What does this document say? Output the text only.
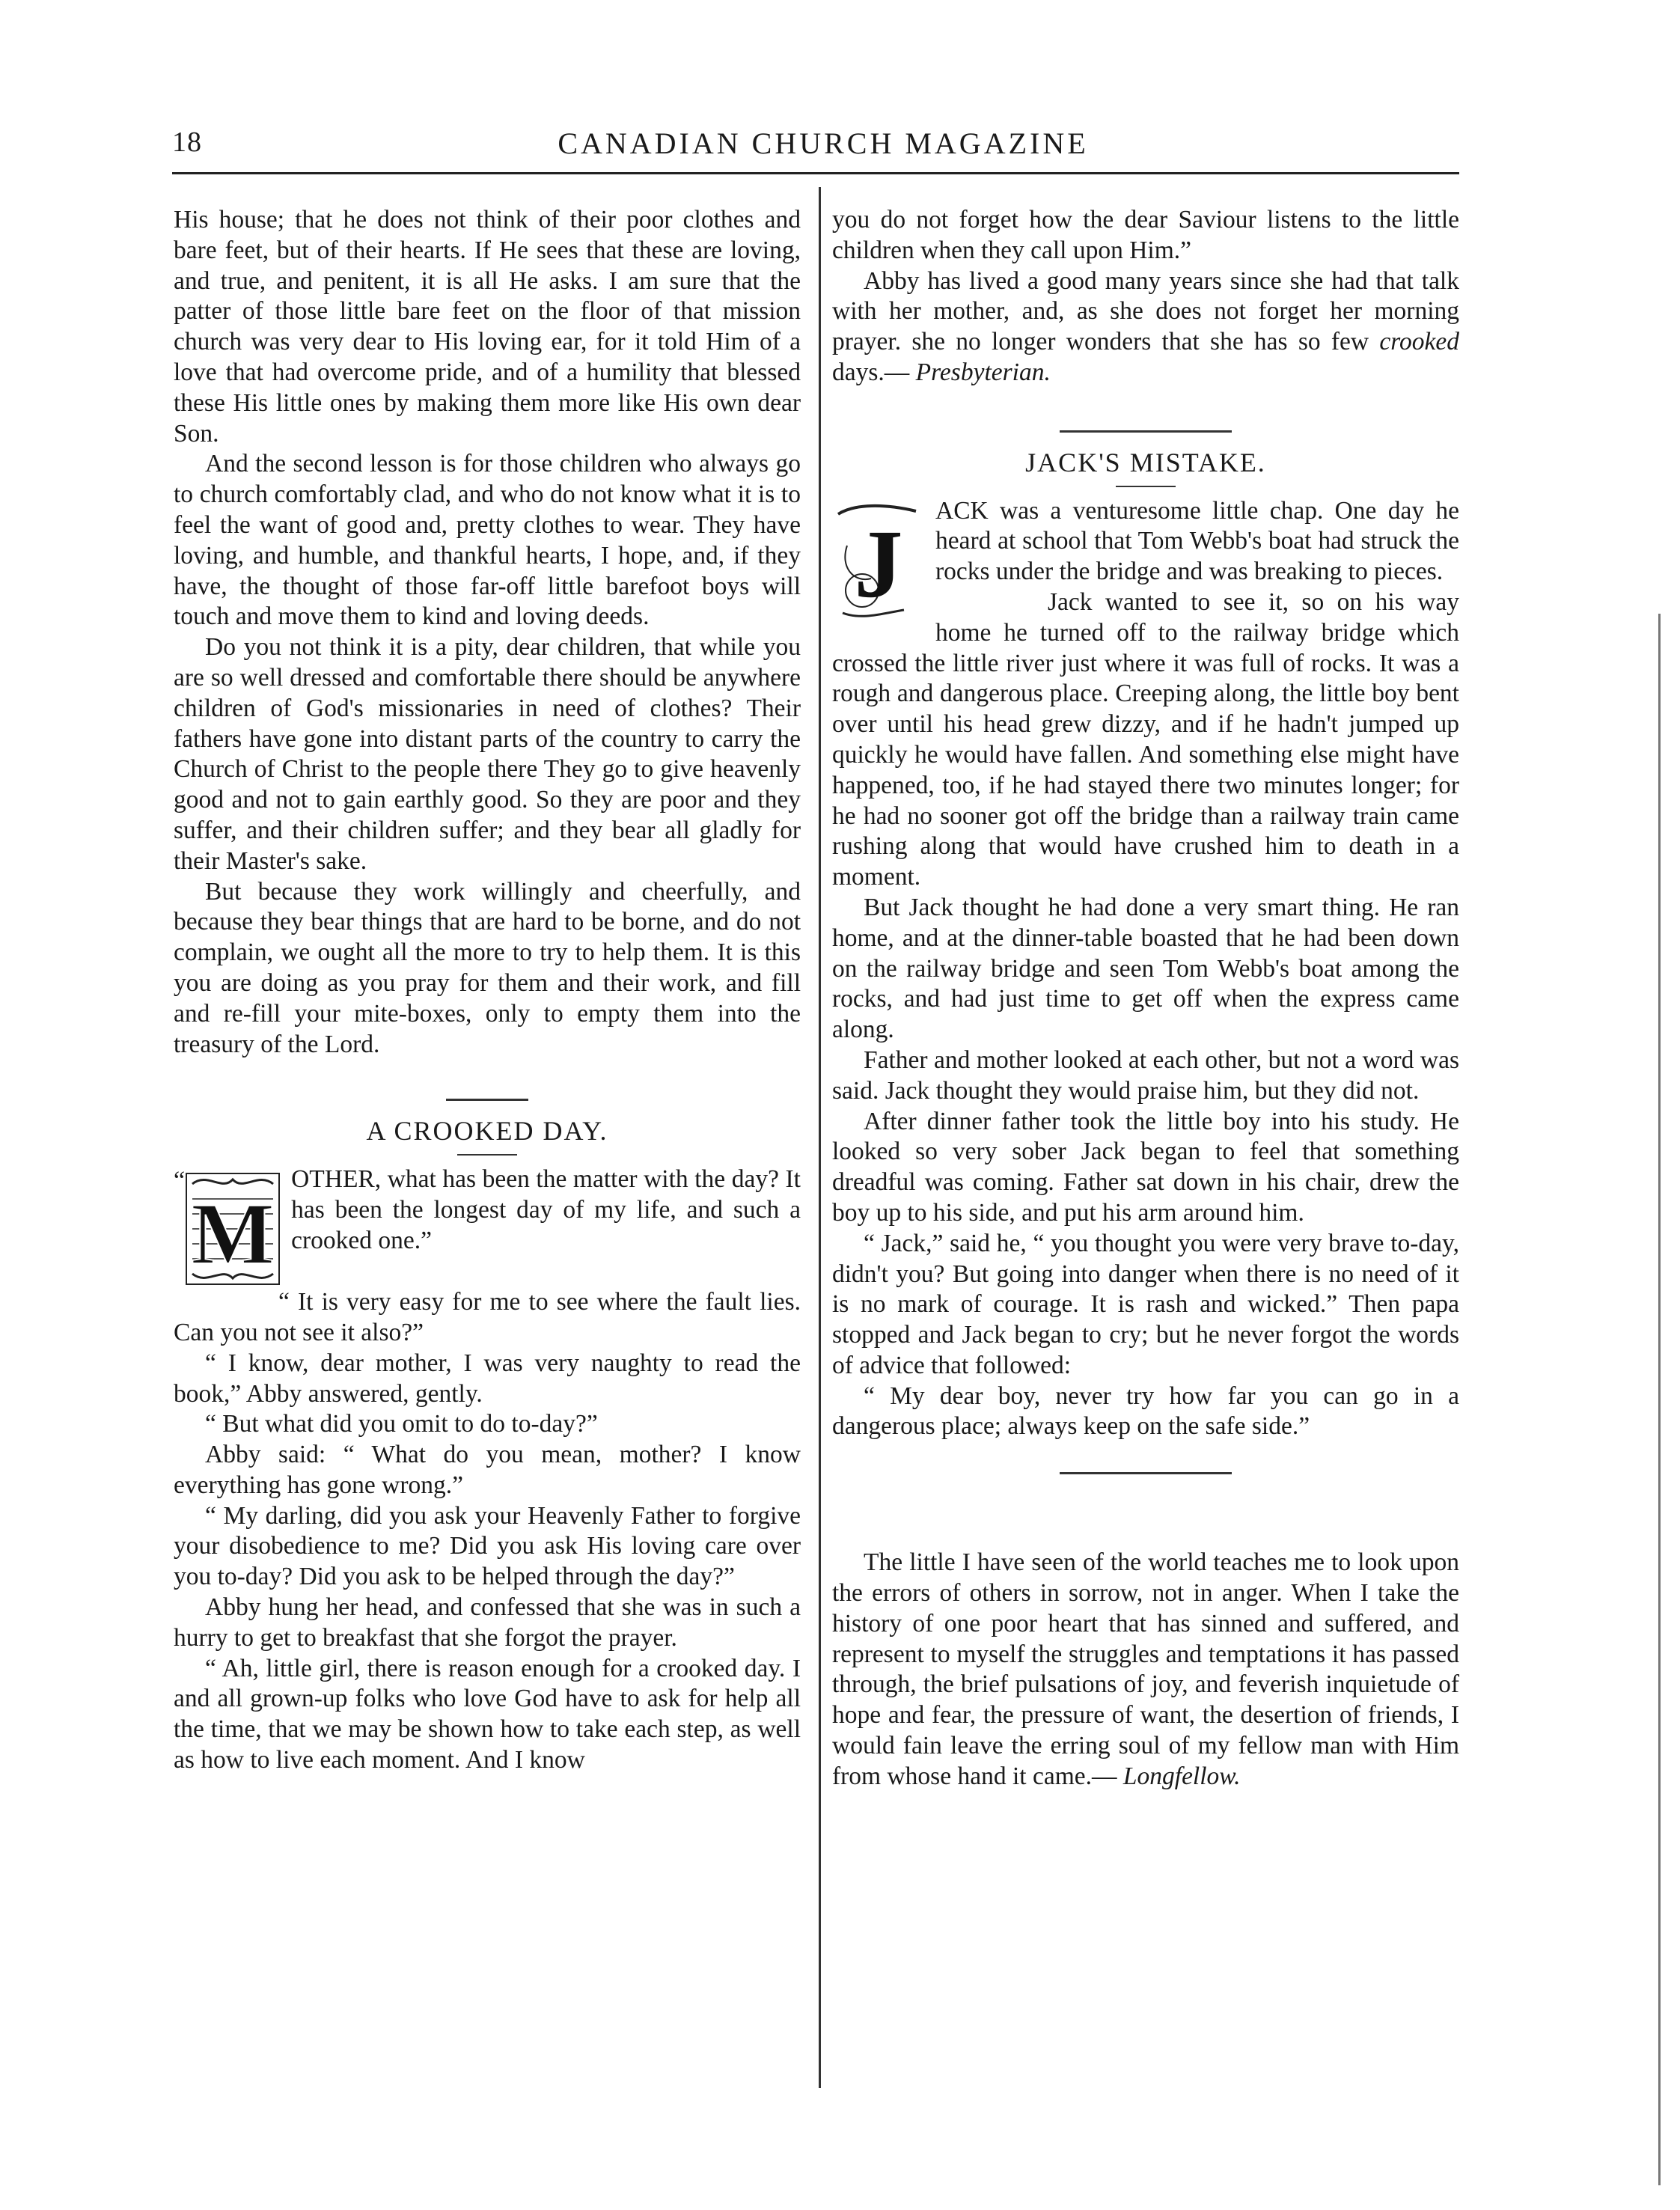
18	CANADIAN CHURCH MAGAZINE

His house; that he does not think of their poor clothes and bare feet, but of their hearts. If He sees that these are loving, and true, and penitent, it is all He asks. I am sure that the patter of those little bare feet on the floor of that mission church was very dear to His loving ear, for it told Him of a love that had overcome pride, and of a humility that blessed these His little ones by making them more like His own dear Son.

And the second lesson is for those children who always go to church comfortably clad, and who do not know what it is to feel the want of good and, pretty clothes to wear. They have loving, and humble, and thankful hearts, I hope, and, if they have, the thought of those far-off little barefoot boys will touch and move them to kind and loving deeds.

Do you not think it is a pity, dear children, that while you are so well dressed and comfortable there should be anywhere children of God's missionaries in need of clothes? Their fathers have gone into distant parts of the country to carry the Church of Christ to the people there They go to give heavenly good and not to gain earthly good. So they are poor and they suffer, and their children suffer; and they bear all gladly for their Master's sake.

But because they work willingly and cheerfully, and because they bear things that are hard to be borne, and do not complain, we ought all the more to try to help them. It is this you are doing as you pray for them and their work, and fill and re-fill your mite-boxes, only to empty them into the treasury of the Lord.

A CROOKED DAY.
“
M

OTHER, what has been the matter with the day? It has been the longest day of my life, and such a crooked one.”

“ It is very easy for me to see where the fault lies. Can you not see it also?”

“ I know, dear mother, I was very naughty to read the book,” Abby answered, gently.

“ But what did you omit to do to-day?”

Abby said: “ What do you mean, mother? I know everything has gone wrong.”

“ My darling, did you ask your Heavenly Father to forgive your disobedience to me? Did you ask His loving care over you to-day? Did you ask to be helped through the day?”

Abby hung her head, and confessed that she was in such a hurry to get to breakfast that she forgot the prayer.

“ Ah, little girl, there is reason enough for a crooked day. I and all grown-up folks who love God have to ask for help all the time, that we may be shown how to take each step, as well as how to live each moment. And I know

you do not forget how the dear Saviour listens to the little children when they call upon Him.”

Abby has lived a good many years since she had that talk with her mother, and, as she does not forget her morning prayer. she no longer wonders that she has so few crooked days.— Presbyterian.

JACK'S MISTAKE.
J	ACK was a venturesome little chap. One day he heard at school that Tom Webb's boat had struck the rocks under the bridge and was breaking to pieces.

Jack wanted to see it, so on his way home he turned off to the railway bridge which crossed the little river just where it was full of rocks. It was a rough and dangerous place. Creeping along, the little boy bent over until his head grew dizzy, and if he hadn't jumped up quickly he would have fallen. And something else might have happened, too, if he had stayed there two minutes longer; for he had no sooner got off the bridge than a railway train came rushing along that would have crushed him to death in a moment.

But Jack thought he had done a very smart thing. He ran home, and at the dinner-table boasted that he had been down on the railway bridge and seen Tom Webb's boat among the rocks, and had just time to get off when the express came along.

Father and mother looked at each other, but not a word was said. Jack thought they would praise him, but they did not.

After dinner father took the little boy into his study. He looked so very sober Jack began to feel that something dreadful was coming. Father sat down in his chair, drew the boy up to his side, and put his arm around him.

“ Jack,” said he, “ you thought you were very brave to-day, didn't you? But going into danger when there is no need of it is no mark of courage. It is rash and wicked.” Then papa stopped and Jack began to cry; but he never forgot the words of advice that followed:

“ My dear boy, never try how far you can go in a dangerous place; always keep on the safe side.”

The little I have seen of the world teaches me to look upon the errors of others in sorrow, not in anger. When I take the history of one poor heart that has sinned and suffered, and represent to myself the struggles and temptations it has passed through, the brief pulsations of joy, and feverish inquietude of hope and fear, the pressure of want, the desertion of friends, I would fain leave the erring soul of my fellow man with Him from whose hand it came.— Longfellow.
